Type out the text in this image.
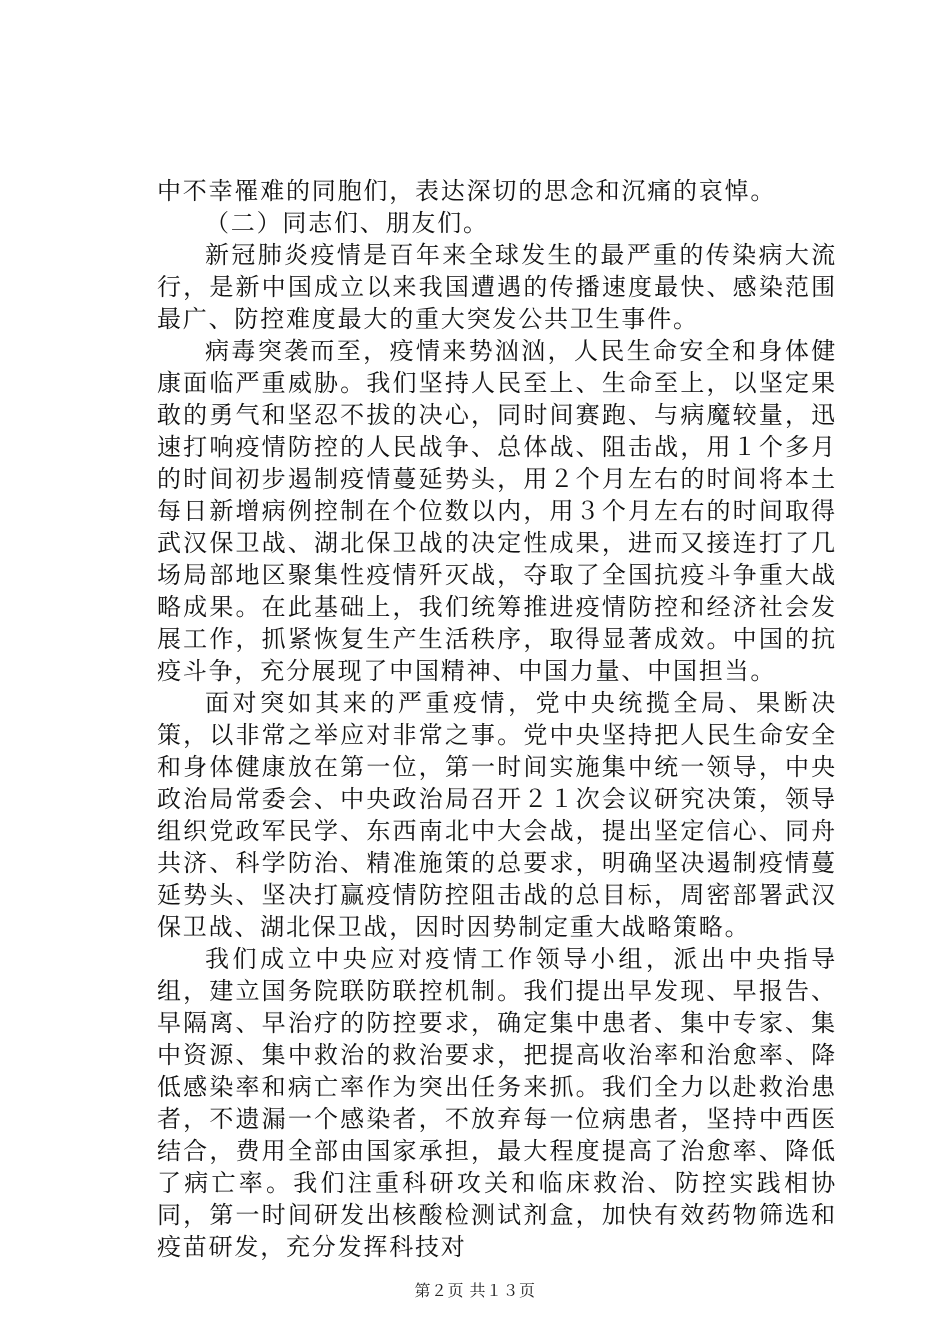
中不幸罹难的同胞们，表达深切的思念和沉痛的哀悼。

（二）同志们、朋友们。

新冠肺炎疫情是百年来全球发生的最严重的传染病大流行，是新中国成立以来我国遭遇的传播速度最快、感染范围最广、防控难度最大的重大突发公共卫生事件。

病毒突袭而至，疫情来势汹汹，人民生命安全和身体健康面临严重威胁。我们坚持人民至上、生命至上，以坚定果敢的勇气和坚忍不拔的决心，同时间赛跑、与病魔较量，迅速打响疫情防控的人民战争、总体战、阻击战，用１个多月的时间初步遏制疫情蔓延势头，用２个月左右的时间将本土每日新增病例控制在个位数以内，用３个月左右的时间取得武汉保卫战、湖北保卫战的决定性成果，进而又接连打了几场局部地区聚集性疫情歼灭战，夺取了全国抗疫斗争重大战略成果。在此基础上，我们统筹推进疫情防控和经济社会发展工作，抓紧恢复生产生活秩序，取得显著成效。中国的抗疫斗争，充分展现了中国精神、中国力量、中国担当。

面对突如其来的严重疫情，党中央统揽全局、果断决策，以非常之举应对非常之事。党中央坚持把人民生命安全和身体健康放在第一位，第一时间实施集中统一领导，中央政治局常委会、中央政治局召开２１次会议研究决策，领导组织党政军民学、东西南北中大会战，提出坚定信心、同舟共济、科学防治、精准施策的总要求，明确坚决遏制疫情蔓延势头、坚决打赢疫情防控阻击战的总目标，周密部署武汉保卫战、湖北保卫战，因时因势制定重大战略策略。

我们成立中央应对疫情工作领导小组，派出中央指导组，建立国务院联防联控机制。我们提出早发现、早报告、早隔离、早治疗的防控要求，确定集中患者、集中专家、集中资源、集中救治的救治要求，把提高收治率和治愈率、降低感染率和病亡率作为突出任务来抓。我们全力以赴救治患者，不遗漏一个感染者，不放弃每一位病患者，坚持中西医结合，费用全部由国家承担，最大程度提高了治愈率、降低了病亡率。我们注重科研攻关和临床救治、防控实践相协同，第一时间研发出核酸检测试剂盒，加快有效药物筛选和疫苗研发，充分发挥科技对

第２页 共１３页
